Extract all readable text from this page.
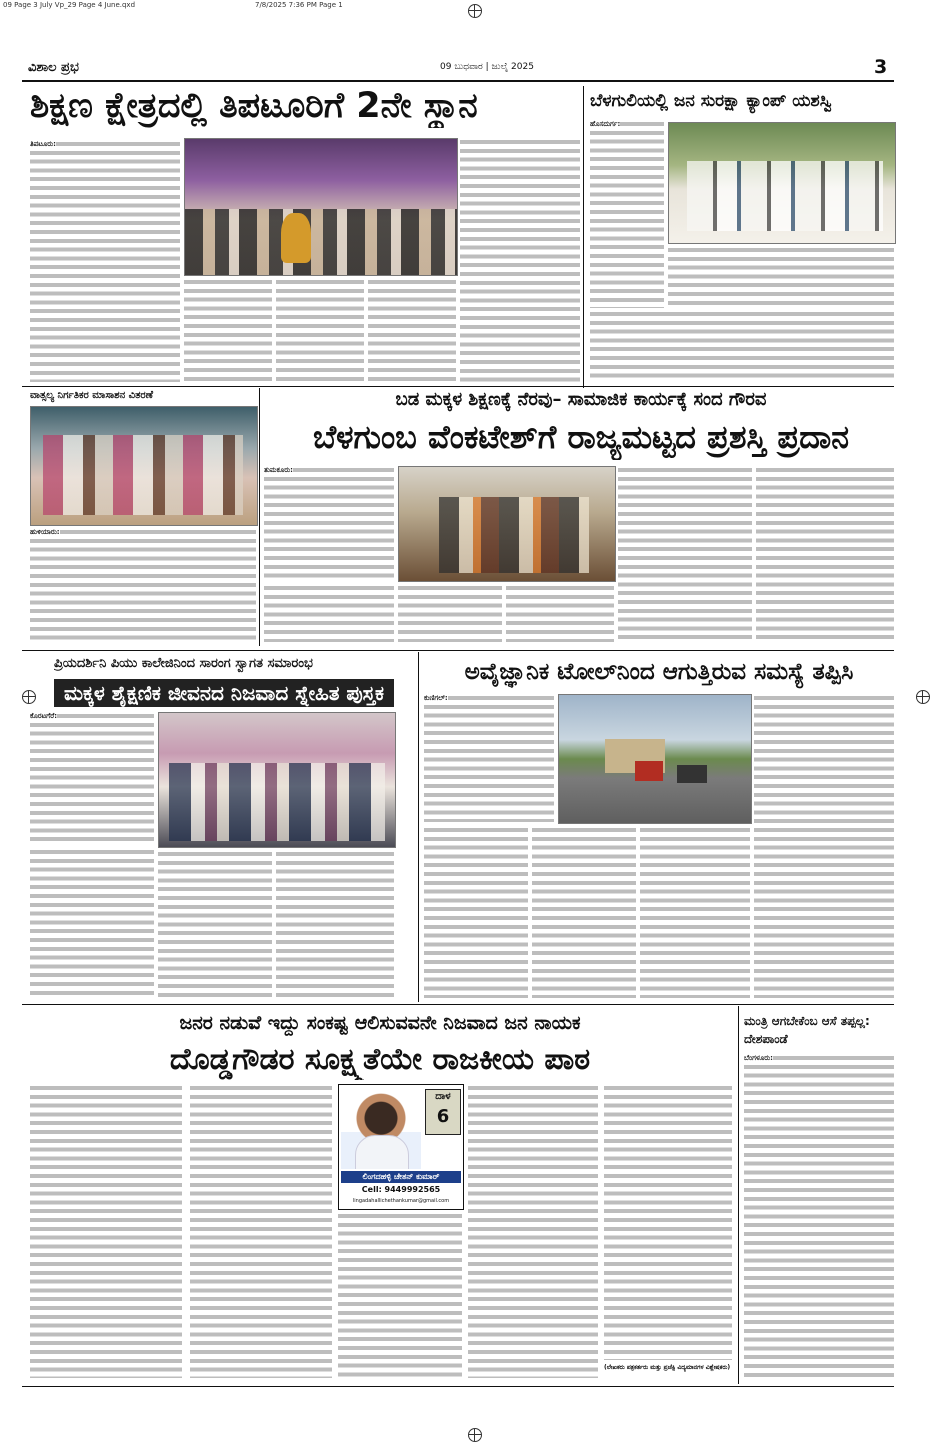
09 Page 3 July Vp_29 Page 4 June.qxd	7/8/2025 7:36 PM Page 1
ವಿಶಾಲ ಪ್ರಭ	09 ಬುಧವಾರ | ಜುಲೈ 2025	3
ಶಿಕ್ಷಣ ಕ್ಷೇತ್ರದಲ್ಲಿ ತಿಪಟೂರಿಗೆ 2ನೇ ಸ್ಥಾನ
ತಿಪಟೂರು:
ಬೆಳಗುಲಿಯಲ್ಲಿ ಜನ ಸುರಕ್ಷಾ ಕ್ಯಾಂಪ್ ಯಶಸ್ವಿ
ಹೊಸದುರ್ಗ:
ವಾತ್ಸಲ್ಯ ನಿರ್ಗತಿಕರ ಮಾಸಾಶನ ವಿತರಣೆ
ಹುಳಿಯಾರು:
ಬಡ ಮಕ್ಕಳ ಶಿಕ್ಷಣಕ್ಕೆ ನೆರವು– ಸಾಮಾಜಿಕ ಕಾರ್ಯಕ್ಕೆ ಸಂದ ಗೌರವ
ಬೆಳಗುಂಬ ವೆಂಕಟೇಶ್‌ಗೆ ರಾಜ್ಯಮಟ್ಟದ ಪ್ರಶಸ್ತಿ ಪ್ರದಾನ
ತುಮಕೂರು:
ಪ್ರಿಯದರ್ಶಿನಿ ಪಿಯು ಕಾಲೇಜಿನಿಂದ ಸಾರಂಗ ಸ್ವಾಗತ ಸಮಾರಂಭ
ಮಕ್ಕಳ ಶೈಕ್ಷಣಿಕ ಜೀವನದ ನಿಜವಾದ ಸ್ನೇಹಿತ ಪುಸ್ತಕ
ಕೊರಟಗೆರೆ:
ಅವೈಜ್ಞಾನಿಕ ಟೋಲ್‌ನಿಂದ ಆಗುತ್ತಿರುವ ಸಮಸ್ಯೆ ತಪ್ಪಿಸಿ
ಕುಣಿಗಲ್:
ಜನರ ನಡುವೆ ಇದ್ದು ಸಂಕಷ್ಟ ಆಲಿಸುವವನೇ ನಿಜವಾದ ಜನ ನಾಯಕ
ದೊಡ್ಡಗೌಡರ ಸೂಕ್ಷ್ಮತೆಯೇ ರಾಜಕೀಯ ಪಾಠ
ದಾಳ
6
ಲಿಂಗದಹಳ್ಳಿ ಚೇತನ್ ಕುಮಾರ್
Cell: 9449992565
lingadahallichethankumar@gmail.com
(ಲೇಖಕರು ಪತ್ರಕರ್ತರು ಮತ್ತು ಪ್ರಜೆಕ್ಟಿ ವಿದ್ಯಮಾನಗಳ ವಿಶ್ಲೇಷಕರು)
ಮಂತ್ರಿ ಆಗಬೇಕೆಂಬ ಆಸೆ ತಪ್ಪಲ್ಲ: ದೇಶಪಾಂಡೆ
ಬೆಂಗಳೂರು:
